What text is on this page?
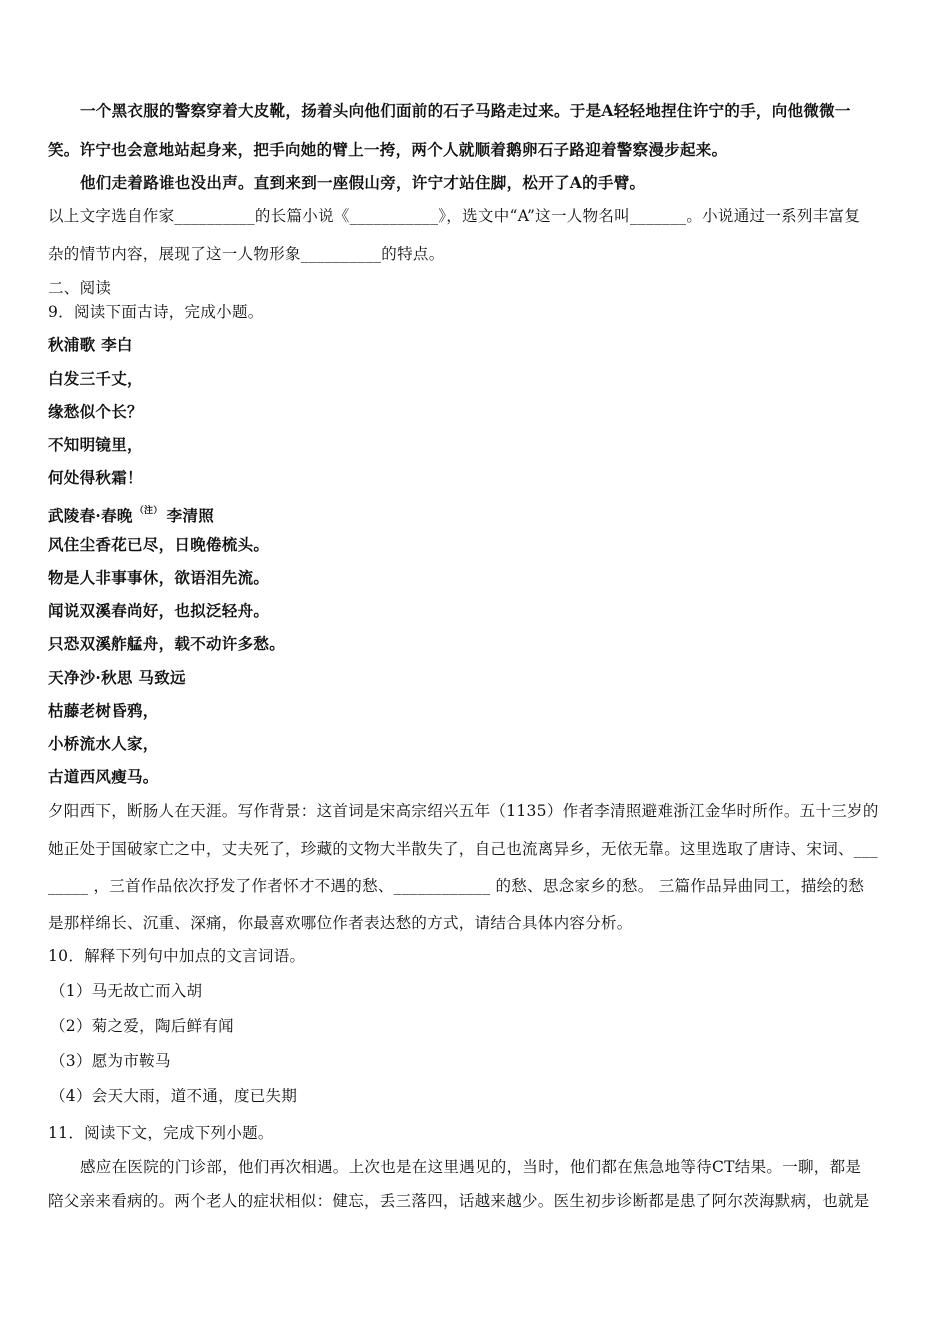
一个黑衣服的警察穿着大皮靴，扬着头向他们面前的石子马路走过来。于是A轻轻地捏住许宁的手，向他微微一
笑。许宁也会意地站起身来，把手向她的臂上一挎，两个人就顺着鹅卵石子路迎着警察漫步起来。
他们走着路谁也没出声。直到来到一座假山旁，许宁才站住脚，松开了A的手臂。
以上文字选自作家__________的长篇小说《___________》，选文中“A”这一人物名叫_______。小说通过一系列丰富复
杂的情节内容，展现了这一人物形象__________的特点。
二、阅读
9．阅读下面古诗，完成小题。
秋浦歌 李白
白发三千丈，
缘愁似个长？
不知明镜里，
何处得秋霜！
武陵春·春晚 $^{(注)}$ 李清照
风住尘香花已尽，日晚倦梳头。
物是人非事事休，欲语泪先流。
闻说双溪春尚好，也拟泛轻舟。
只恐双溪舴艋舟，载不动许多愁。
天净沙·秋思 马致远
枯藤老树昏鸦，
小桥流水人家，
古道西风瘦马。
夕阳西下，断肠人在天涯。写作背景：这首词是宋高宗绍兴五年（1135）作者李清照避难浙江金华时所作。五十三岁的
她正处于国破家亡之中，丈夫死了，珍藏的文物大半散失了，自己也流离异乡，无依无靠。这里选取了唐诗、宋词、___
_____ ，三首作品依次抒发了作者怀才不遇的愁、____________ 的愁、思念家乡的愁。 三篇作品异曲同工，描绘的愁
是那样绵长、沉重、深痛，你最喜欢哪位作者表达愁的方式，请结合具体内容分析。
10．解释下列句中加点的文言词语。
（1）马无故亡而入胡
（2）菊之爱，陶后鲜有闻
（3）愿为市鞍马
（4）会天大雨，道不通，度已失期
11．阅读下文，完成下列小题。
感应在医院的门诊部，他们再次相遇。上次也是在这里遇见的，当时，他们都在焦急地等待CT结果。一聊，都是
陪父亲来看病的。两个老人的症状相似：健忘，丢三落四，话越来越少。医生初步诊断都是患了阿尔茨海默病，也就是
